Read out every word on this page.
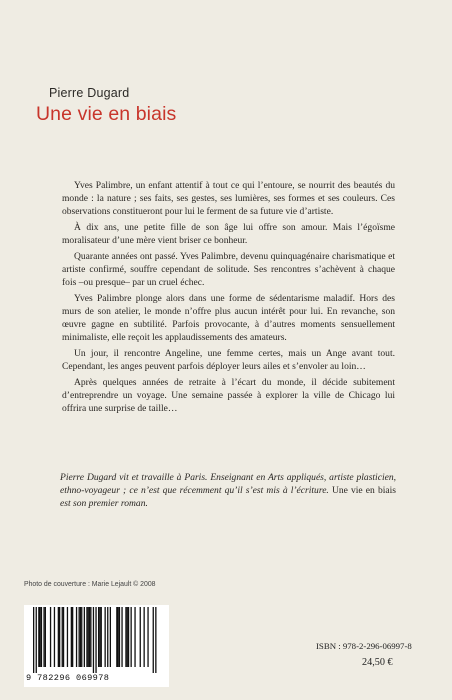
Pierre Dugard
Une vie en biais

Yves Palimbre, un enfant attentif à tout ce qui l’entoure, se nourrit des beautés du monde : la nature ; ses faits, ses gestes, ses lumières, ses formes et ses couleurs. Ces observations constitueront pour lui le ferment de sa future vie d’artiste.

À dix ans, une petite fille de son âge lui offre son amour. Mais l’égoïsme moralisateur d’une mère vient briser ce bonheur.

Quarante années ont passé. Yves Palimbre, devenu quinquagénaire charismatique et artiste confirmé, souffre cependant de solitude. Ses rencontres s’achèvent à chaque fois –ou presque– par un cruel échec.

Yves Palimbre plonge alors dans une forme de sédentarisme maladif. Hors des murs de son atelier, le monde n’offre plus aucun intérêt pour lui. En revanche, son œuvre gagne en subtilité. Parfois provocante, à d’autres moments sensuellement minimaliste, elle reçoit les applaudissements des amateurs.

Un jour, il rencontre Angeline, une femme certes, mais un Ange avant tout. Cependant, les anges peuvent parfois déployer leurs ailes et s’envoler au loin…

Après quelques années de retraite à l’écart du monde, il décide subitement d’entreprendre un voyage. Une semaine passée à explorer la ville de Chicago lui offrira une surprise de taille…

Pierre Dugard vit et travaille à Paris. Enseignant en Arts appliqués, artiste plasticien, ethno-voyageur ; ce n’est que récemment qu’il s’est mis à l’écriture. Une vie en biais est son premier roman.

Photo de couverture : Marie Lejault © 2008
9 782296 069978
ISBN : 978-2-296-06997-8
24,50 €
